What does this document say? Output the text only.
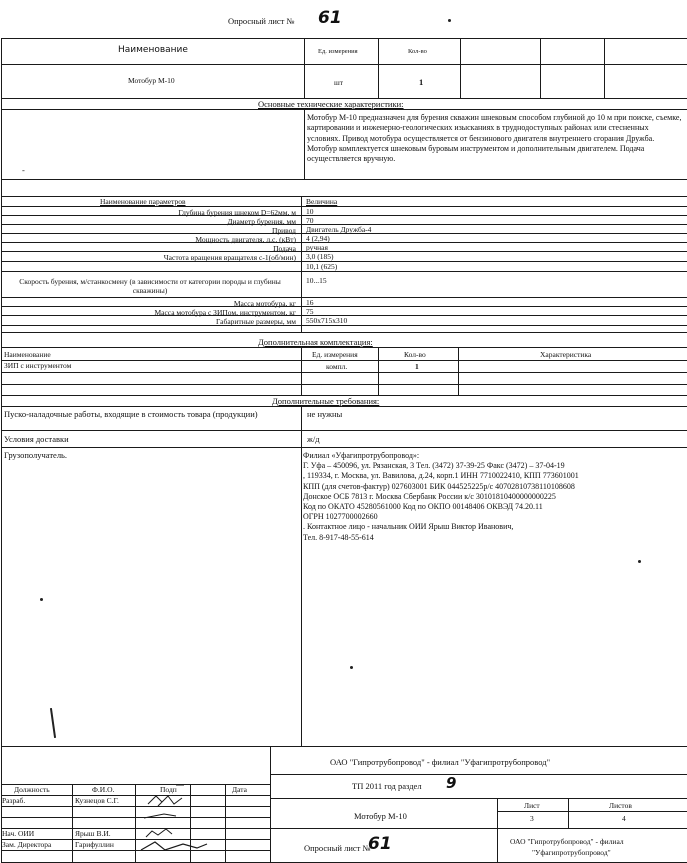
Опросный лист № 61
Наименование	Ед. измерения	Кол-во
Мотобур М-10	шт	1
Основные технические характеристики:
Мотобур М-10 предназначен для бурения скважин шнековым способом глубиной до 10 м при поиске, съемке, картировании и инженерно-геологических изысканиях в труднодоступных районах или стесненных условиях. Привод мотобура осуществляется от бензинового двигателя внутреннего сгорания Дружба. Мотобур комплектуется шнековым буровым инструментом и дополнительным двигателем. Подача осуществляется вручную.
-
Наименование параметров	Величина
Глубина бурения шнеком D=62мм, м 10
Диаметр бурения, мм 70
Привод Двигатель Дружба-4
Мощность двигателя, л.с. (кВт) 4 (2,94)
Подача ручная
Частота вращения вращателя с-1(об/мин) 3,0 (185)
10,1 (625)
Скорость бурения, м/станкосмену (в зависимости от категории породы и глубины скважины)
10...15
Масса мотобура, кг 16
Масса мотобура с ЗИПом, инструментом, кг 75
Габаритные размеры, мм 550x715x310
Дополнительная комплектация:
Наименование	Ед. измерения	Кол-во	Характеристика
ЗИП с инструментом	компл.	1
Дополнительные требования:
Пуско-наладочные работы, входящие в стоимость товара (продукции)	не нужны
Условия доставки	ж/д
Грузополучатель.	Филиал «Уфагипротрубопровод»:
Г. Уфа – 450096, ул. Рязанская, 3 Тел. (3472) 37-39-25 Факс (3472) – 37-04-19
, 119334, г. Москва, ул. Вавилова, д.24, корп.1 ИНН 7710022410, КПП 773601001
КПП (для счетов-фактур) 027603001 БИК 044525225р/с 40702810738110108608
Донское ОСБ 7813 г. Москва Сбербанк России к/с 30101810400000000225
Код по ОКАТО 45280561000 Код по ОКПО 00148406 ОКВЭД 74.20.11
ОГРН 1027700002660
. Контактное лицо - начальник ОИИ Ярыш Виктор Иванович,
Тел. 8-917-48-55-614
ОАО "Гипротрубопровод" - филиал "Уфагипротрубопровод"
ТП 2011 год раздел 9
Мотобур М-10
Лист	Листов
3	4
Опросный лист №
61	ОАО "Гипротрубопровод" - филиал
"Уфагипротрубопровод"
Должность	Ф.И.О.	Подп	Дата
Разраб.	Кузнецов С.Г.
Нач. ОИИ	Ярыш В.И.
Зам. Директора	Гарифуллин
